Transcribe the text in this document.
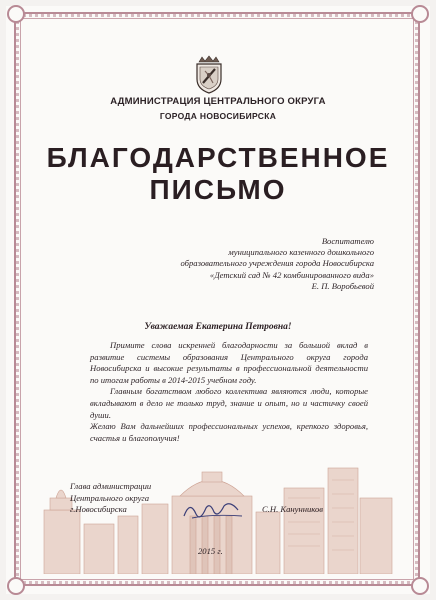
АДМИНИСТРАЦИЯ ЦЕНТРАЛЬНОГО ОКРУГА
ГОРОДА НОВОСИБИРСКА
БЛАГОДАРСТВЕННОЕ
ПИСЬМО
Воспитателю
муниципального казенного дошкольного
образовательного учреждения города Новосибирска
«Детский сад № 42 комбинированного вида»
Е. П. Воробьевой
Уважаемая Екатерина Петровна!

Примите слова искренней благодарности за большой вклад в развитие системы образования Центрального округа города Новосибирска и высокие результаты в профессиональной деятельности по итогам работы в 2014-2015 учебном году.

Главным богатством любого коллектива являются люди, которые вкладывают в дело не только труд, знание и опыт, но и частичку своей души.

Желаю Вам дальнейших профессиональных успехов, крепкого здоровья, счастья и благополучия!

Глава администрации
Центрального округа
г.Новосибирска	С.Н. Канунников
2015 г.
